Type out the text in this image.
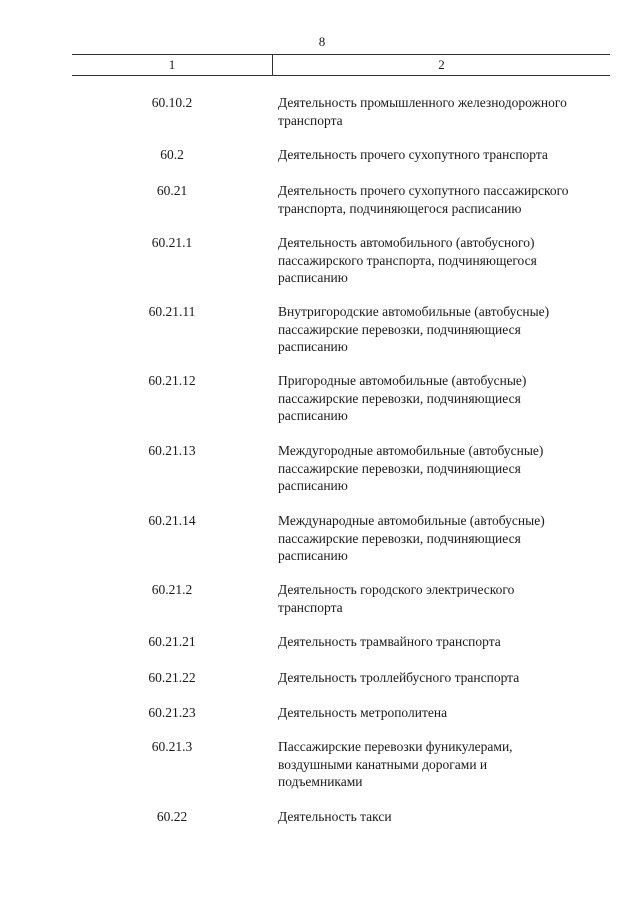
8
1	2
60.10.2	Деятельность промышленного железнодорожного
транспорта
60.2	Деятельность прочего сухопутного транспорта
60.21	Деятельность прочего сухопутного пассажирского
транспорта, подчиняющегося расписанию
60.21.1	Деятельность автомобильного (автобусного)
пассажирского транспорта, подчиняющегося
расписанию
60.21.11	Внутригородские автомобильные (автобусные)
пассажирские перевозки, подчиняющиеся
расписанию
60.21.12	Пригородные автомобильные (автобусные)
пассажирские перевозки, подчиняющиеся
расписанию
60.21.13	Междугородные автомобильные (автобусные)
пассажирские перевозки, подчиняющиеся
расписанию
60.21.14	Международные автомобильные (автобусные)
пассажирские перевозки, подчиняющиеся
расписанию
60.21.2	Деятельность городского электрического
транспорта
60.21.21	Деятельность трамвайного транспорта
60.21.22	Деятельность троллейбусного транспорта
60.21.23	Деятельность метрополитена
60.21.3	Пассажирские перевозки фуникулерами,
воздушными канатными дорогами и
подъемниками
60.22	Деятельность такси
